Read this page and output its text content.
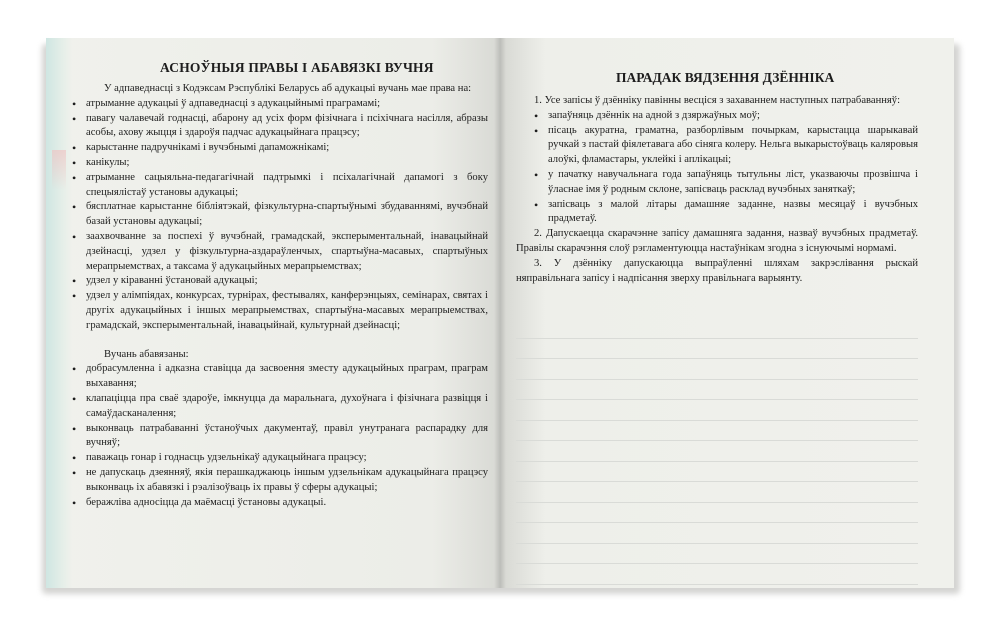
АСНОЎНЫЯ ПРАВЫ І АБАВЯЗКІ ВУЧНЯ

У адпаведнасці з Кодэксам Рэспублікі Беларусь аб адукацыі вучань мае права на:

• атрыманне адукацыі ў адпаведнасці з адукацыйнымі праграмамі;
• павагу чалавечай годнасці, абарону ад усіх форм фізічнага і псіхічнага насілля, абразы асобы, ахову жыцця і здароўя падчас адукацыйнага працэсу;
• карыстанне падручнікамі і вучэбнымі дапаможнікамі;
• канікулы;
• атрыманне сацыяльна-педагагічнай падтрымкі і псіхалагічнай дапамогі з боку спецыялістаў установы адукацыі;
• бясплатнае карыстанне бібліятэкай, фізкультурна-спартыўнымі збудаваннямі, вучэбнай базай установы адукацыі;
• заахвочванне за поспехі ў вучэбнай, грамадскай, эксперыментальнай, інавацыйнай дзейнасці, удзел у фізкультурна-аздараўленчых, спартыўна-масавых, спартыўных мерапрыемствах, а таксама ў адукацыйных мерапрыемствах;
• удзел у кіраванні ўстановай адукацыі;
• удзел у алімпіядах, конкурсах, турнірах, фестывалях, канферэнцыях, семінарах, святах і другіх адукацыйных і іншых мерапрыемствах, спартыўна-масавых мерапрыемствах, грамадскай, эксперыментальнай, інавацыйнай, культурнай дзейнасці;

Вучань абавязаны:

• добрасумленна і адказна ставіцца да засвоення зместу адукацыйных праграм, праграм выхавання;
• клапаціцца пра сваё здароўе, імкнуцца да маральнага, духоўнага і фізічнага развіцця і самаўдасканалення;
• выконваць патрабаванні ўстаноўчых дакументаў, правіл унутранага распарадку для вучняў;
• паважаць гонар і годнасць удзельнікаў адукацыйнага працэсу;
• не дапускаць дзеянняў, якія перашкаджаюць іншым удзельнікам адукацыйнага працэсу выконваць іх абавязкі і рэалізоўваць іх правы ў сферы адукацыі;
• беражліва адносіцца да маёмасці ўстановы адукацыі.
ПАРАДАК ВЯДЗЕННЯ ДЗЁННІКА

1. Усе запісы ў дзённіку павінны весціся з захаваннем наступных патрабаванняў:

• запаўняць дзённік на адной з дзяржаўных моў;
• пісаць акуратна, граматна, разборлівым почыркам, карыстацца шарыкавай ручкай з пастай фіялетавага або сіняга колеру. Нельга выкарыстоўваць каляровыя алоўкі, фламастары, уклейкі і аплікацыі;
• у пачатку навучальнага года запаўняць тытульны ліст, указваючы прозвішча і ўласнае імя ў родным склоне, запісваць расклад вучэбных заняткаў;
• запісваць з малой літары дамашняе заданне, назвы месяцаў і вучэбных прадметаў.

2. Дапускаецца скарачэнне запісу дамашняга задання, назваў вучэбных прадметаў. Правілы скарачэння слоў рэгламентуюцца настаўнікам згодна з існуючымі нормамі.

3. У дзённіку дапускаюцца выпраўленні шляхам закрэслівання рыскай няправільнага запісу і надпісання зверху правільнага варыянту.
